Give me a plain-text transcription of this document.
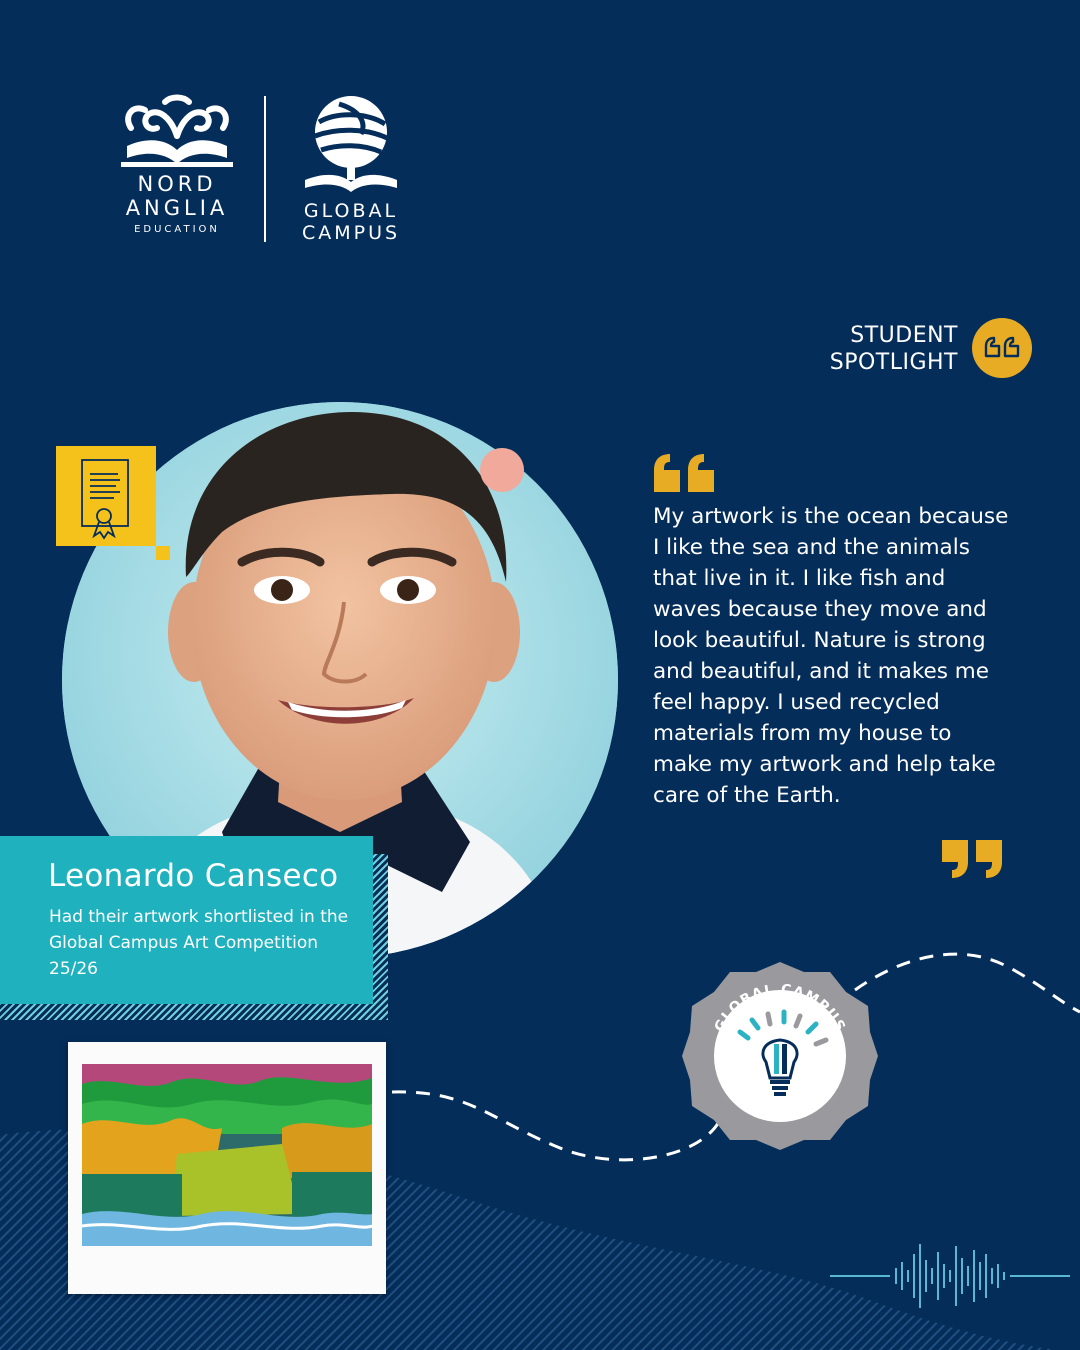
NORD
ANGLIA
EDUCATION
GLOBAL
CAMPUS
STUDENT
SPOTLIGHT

My artwork is the ocean because I like the sea and the animals that live in it. I like fish and waves because they move and look beautiful. Nature is strong and beautiful, and it makes me feel happy. I used recycled materials from my house to make my artwork and help take care of the Earth.

Leonardo Canseco
Had their artwork shortlisted in the Global Campus Art Competition 25/26
GLOBAL CAMPUS
CREATIVE
